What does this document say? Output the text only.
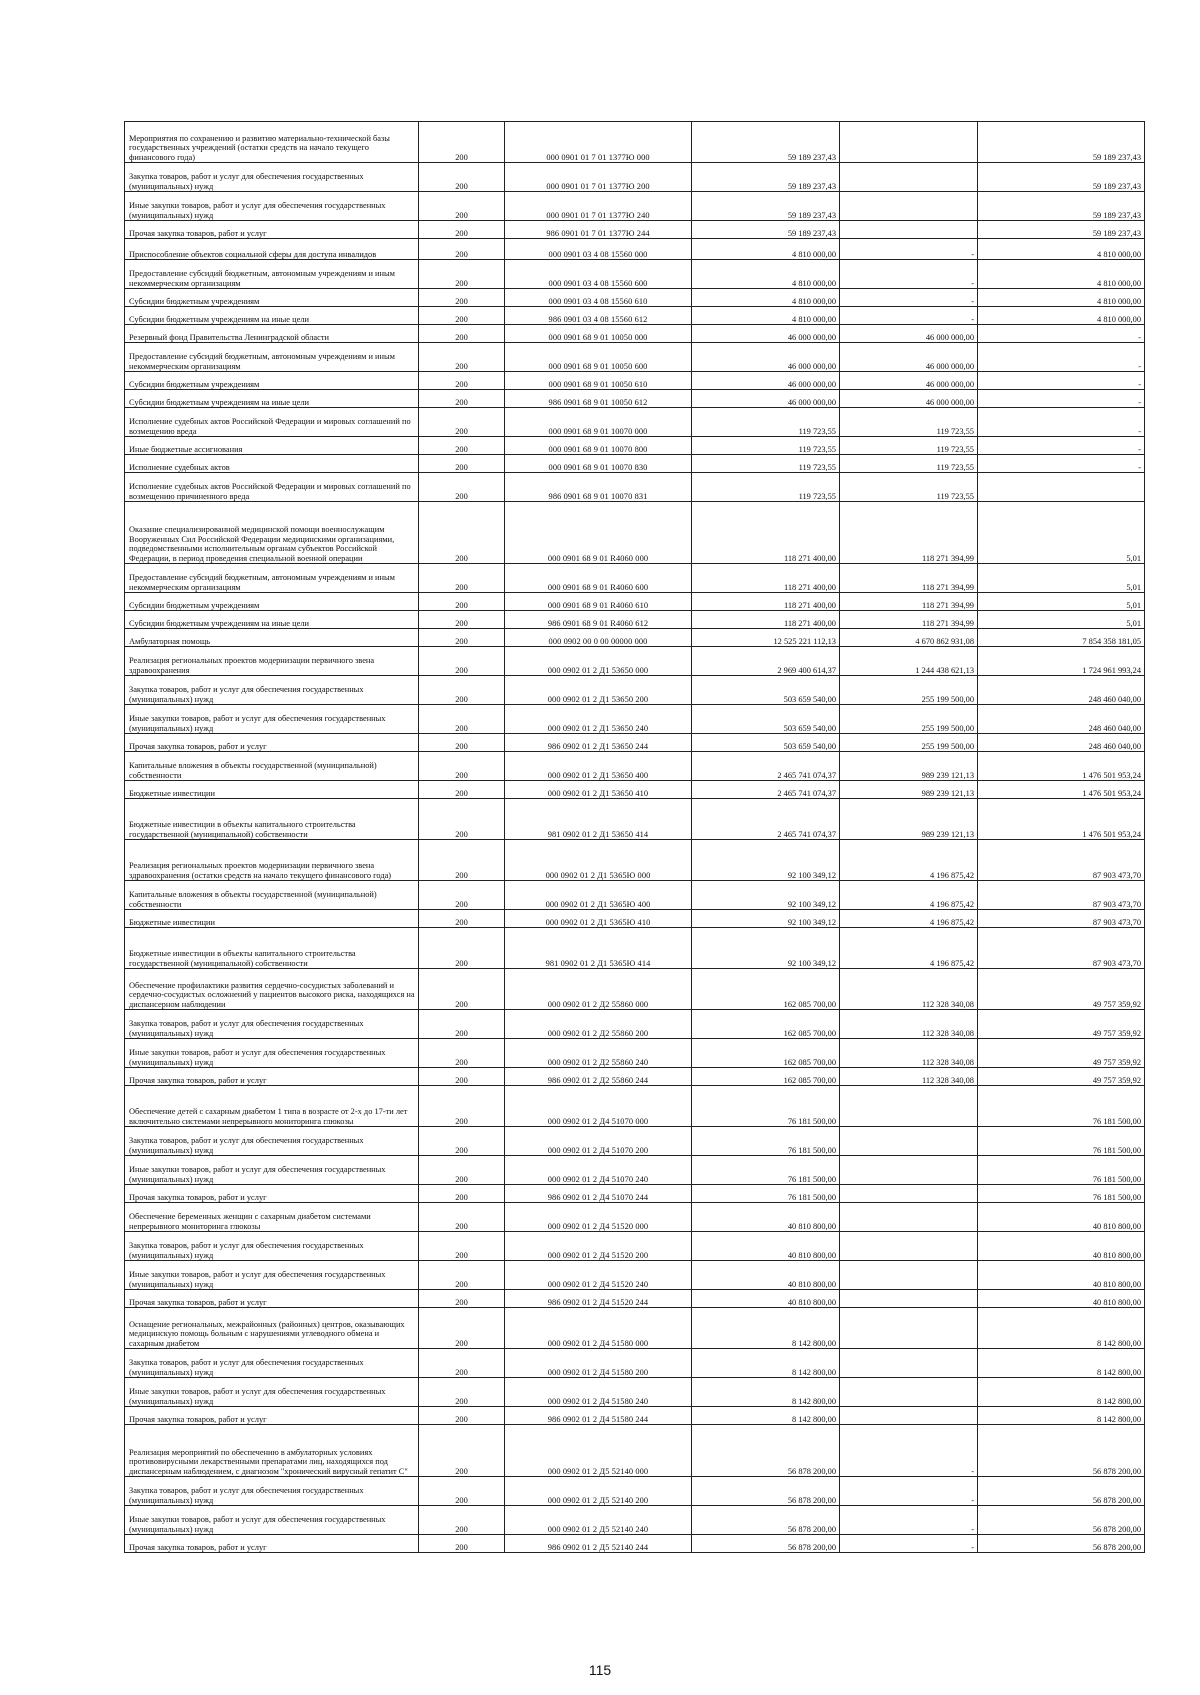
Мероприятия по сохранению и развитию материально-технической базы государственных учреждений (остатки средств на начало текущего финансового года)	200	000 0901 01 7 01 1377Ю 000	59 189 237,43		59 189 237,43
Закупка товаров, работ и услуг для обеспечения государственных (муниципальных) нужд	200	000 0901 01 7 01 1377Ю 200	59 189 237,43		59 189 237,43
Иные закупки товаров, работ и услуг для обеспечения государственных (муниципальных) нужд	200	000 0901 01 7 01 1377Ю 240	59 189 237,43		59 189 237,43
Прочая закупка товаров, работ и услуг	200	986 0901 01 7 01 1377Ю 244	59 189 237,43		59 189 237,43
Приспособление объектов социальной сферы для доступа инвалидов	200	000 0901 03 4 08 15560 000	4 810 000,00	-	4 810 000,00
Предоставление субсидий бюджетным, автономным учреждениям и иным некоммерческим организациям	200	000 0901 03 4 08 15560 600	4 810 000,00	-	4 810 000,00
Субсидии бюджетным учреждениям	200	000 0901 03 4 08 15560 610	4 810 000,00	-	4 810 000,00
Субсидии бюджетным учреждениям на иные цели	200	986 0901 03 4 08 15560 612	4 810 000,00	-	4 810 000,00
Резервный фонд Правительства Ленинградской области	200	000 0901 68 9 01 10050 000	46 000 000,00	46 000 000,00	-
Предоставление субсидий бюджетным, автономным учреждениям и иным некоммерческим организациям	200	000 0901 68 9 01 10050 600	46 000 000,00	46 000 000,00	-
Субсидии бюджетным учреждениям	200	000 0901 68 9 01 10050 610	46 000 000,00	46 000 000,00	-
Субсидии бюджетным учреждениям на иные цели	200	986 0901 68 9 01 10050 612	46 000 000,00	46 000 000,00	-
Исполнение судебных актов Российской Федерации и мировых соглашений по возмещению вреда	200	000 0901 68 9 01 10070 000	119 723,55	119 723,55	-
Иные бюджетные ассигнования	200	000 0901 68 9 01 10070 800	119 723,55	119 723,55	-
Исполнение судебных актов	200	000 0901 68 9 01 10070 830	119 723,55	119 723,55	-
Исполнение судебных актов Российской Федерации и мировых соглашений по возмещению причиненного вреда	200	986 0901 68 9 01 10070 831	119 723,55	119 723,55	
Оказание специализированной медицинской помощи военнослужащим Вооруженных Сил Российской Федерации медицинскими организациями, подведомственными исполнительным органам субъектов Российской Федерации, в период проведения специальной военной операции	200	000 0901 68 9 01 R4060 000	118 271 400,00	118 271 394,99	5,01
Предоставление субсидий бюджетным, автономным учреждениям и иным некоммерческим организациям	200	000 0901 68 9 01 R4060 600	118 271 400,00	118 271 394,99	5,01
Субсидии бюджетным учреждениям	200	000 0901 68 9 01 R4060 610	118 271 400,00	118 271 394,99	5,01
Субсидии бюджетным учреждениям на иные цели	200	986 0901 68 9 01 R4060 612	118 271 400,00	118 271 394,99	5,01
Амбулаторная помощь	200	000 0902 00 0 00 00000 000	12 525 221 112,13	4 670 862 931,08	7 854 358 181,05
Реализация региональных проектов модернизации первичного звена здравоохранения	200	000 0902 01 2 Д1 53650 000	2 969 400 614,37	1 244 438 621,13	1 724 961 993,24
Закупка товаров, работ и услуг для обеспечения государственных (муниципальных) нужд	200	000 0902 01 2 Д1 53650 200	503 659 540,00	255 199 500,00	248 460 040,00
Иные закупки товаров, работ и услуг для обеспечения государственных (муниципальных) нужд	200	000 0902 01 2 Д1 53650 240	503 659 540,00	255 199 500,00	248 460 040,00
Прочая закупка товаров, работ и услуг	200	986 0902 01 2 Д1 53650 244	503 659 540,00	255 199 500,00	248 460 040,00
Капитальные вложения в объекты государственной (муниципальной) собственности	200	000 0902 01 2 Д1 53650 400	2 465 741 074,37	989 239 121,13	1 476 501 953,24
Бюджетные инвестиции	200	000 0902 01 2 Д1 53650 410	2 465 741 074,37	989 239 121,13	1 476 501 953,24
Бюджетные инвестиции в объекты капитального строительства государственной (муниципальной) собственности	200	981 0902 01 2 Д1 53650 414	2 465 741 074,37	989 239 121,13	1 476 501 953,24
Реализация региональных проектов модернизации первичного звена здравоохранения (остатки средств на начало текущего финансового года)	200	000 0902 01 2 Д1 5365Ю 000	92 100 349,12	4 196 875,42	87 903 473,70
Капитальные вложения в объекты государственной (муниципальной) собственности	200	000 0902 01 2 Д1 5365Ю 400	92 100 349,12	4 196 875,42	87 903 473,70
Бюджетные инвестиции	200	000 0902 01 2 Д1 5365Ю 410	92 100 349,12	4 196 875,42	87 903 473,70
Бюджетные инвестиции в объекты капитального строительства государственной (муниципальной) собственности	200	981 0902 01 2 Д1 5365Ю 414	92 100 349,12	4 196 875,42	87 903 473,70
Обеспечение профилактики развития сердечно-сосудистых заболеваний и сердечно-сосудистых осложнений у пациентов высокого риска, находящихся на диспансерном наблюдении	200	000 0902 01 2 Д2 55860 000	162 085 700,00	112 328 340,08	49 757 359,92
Закупка товаров, работ и услуг для обеспечения государственных (муниципальных) нужд	200	000 0902 01 2 Д2 55860 200	162 085 700,00	112 328 340,08	49 757 359,92
Иные закупки товаров, работ и услуг для обеспечения государственных (муниципальных) нужд	200	000 0902 01 2 Д2 55860 240	162 085 700,00	112 328 340,08	49 757 359,92
Прочая закупка товаров, работ и услуг	200	986 0902 01 2 Д2 55860 244	162 085 700,00	112 328 340,08	49 757 359,92
Обеспечение детей с сахарным диабетом 1 типа в возрасте от 2-х до 17-ти лет включительно системами непрерывного мониторинга глюкозы	200	000 0902 01 2 Д4 51070 000	76 181 500,00		76 181 500,00
Закупка товаров, работ и услуг для обеспечения государственных (муниципальных) нужд	200	000 0902 01 2 Д4 51070 200	76 181 500,00		76 181 500,00
Иные закупки товаров, работ и услуг для обеспечения государственных (муниципальных) нужд	200	000 0902 01 2 Д4 51070 240	76 181 500,00		76 181 500,00
Прочая закупка товаров, работ и услуг	200	986 0902 01 2 Д4 51070 244	76 181 500,00		76 181 500,00
Обеспечение беременных женщин с сахарным диабетом системами непрерывного мониторинга глюкозы	200	000 0902 01 2 Д4 51520 000	40 810 800,00		40 810 800,00
Закупка товаров, работ и услуг для обеспечения государственных (муниципальных) нужд	200	000 0902 01 2 Д4 51520 200	40 810 800,00		40 810 800,00
Иные закупки товаров, работ и услуг для обеспечения государственных (муниципальных) нужд	200	000 0902 01 2 Д4 51520 240	40 810 800,00		40 810 800,00
Прочая закупка товаров, работ и услуг	200	986 0902 01 2 Д4 51520 244	40 810 800,00		40 810 800,00
Оснащение региональных, межрайонных (районных) центров, оказывающих медицинскую помощь больным с нарушениями углеводного обмена и сахарным диабетом	200	000 0902 01 2 Д4 51580 000	8 142 800,00		8 142 800,00
Закупка товаров, работ и услуг для обеспечения государственных (муниципальных) нужд	200	000 0902 01 2 Д4 51580 200	8 142 800,00		8 142 800,00
Иные закупки товаров, работ и услуг для обеспечения государственных (муниципальных) нужд	200	000 0902 01 2 Д4 51580 240	8 142 800,00		8 142 800,00
Прочая закупка товаров, работ и услуг	200	986 0902 01 2 Д4 51580 244	8 142 800,00		8 142 800,00
Реализация мероприятий по обеспечению в амбулаторных условиях противовирусными лекарственными препаратами лиц, находящихся под диспансерным наблюдением, с диагнозом "хронический вирусный гепатит С"	200	000 0902 01 2 Д5 52140 000	56 878 200,00	-	56 878 200,00
Закупка товаров, работ и услуг для обеспечения государственных (муниципальных) нужд	200	000 0902 01 2 Д5 52140 200	56 878 200,00	-	56 878 200,00
Иные закупки товаров, работ и услуг для обеспечения государственных (муниципальных) нужд	200	000 0902 01 2 Д5 52140 240	56 878 200,00	-	56 878 200,00
Прочая закупка товаров, работ и услуг	200	986 0902 01 2 Д5 52140 244	56 878 200,00	-	56 878 200,00
115
